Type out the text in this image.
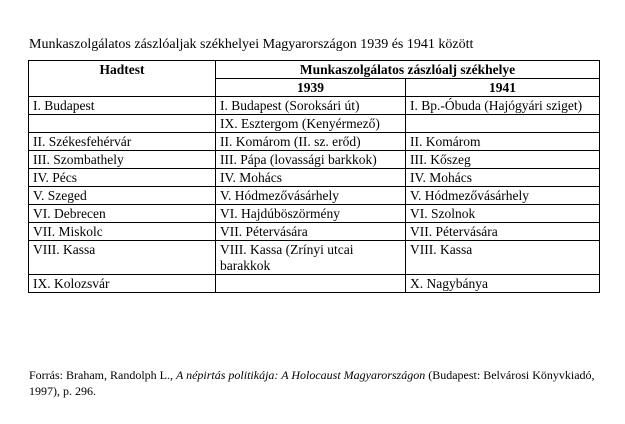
Munkaszolgálatos zászlóaljak székhelyei Magyarországon 1939 és 1941 között
Hadtest	Munkaszolgálatos zászlóalj székhelye	
	1939	1941
I. Budapest	I. Budapest (Soroksári út)	I. Bp.-Óbuda (Hajógyári sziget)
	IX. Esztergom (Kenyérmező)	
II. Székesfehérvár	II. Komárom (II. sz. erőd)	II. Komárom
III. Szombathely	III. Pápa (lovassági barkkok)	III. Kőszeg
IV. Pécs	IV. Mohács	IV. Mohács
V. Szeged	V. Hódmezővásárhely	V. Hódmezővásárhely
VI. Debrecen	VI. Hajdúböszörmény	VI. Szolnok
VII. Miskolc	VII. Pétervására	VII. Pétervására
VIII. Kassa	VIII. Kassa (Zrínyi utcai barakkok	VIII. Kassa
IX. Kolozsvár		X. Nagybánya
Forrás: Braham, Randolph L., A népirtás politikája: A Holocaust Magyarországon (Budapest: Belvárosi Könyvkiadó, 1997), p. 296.
